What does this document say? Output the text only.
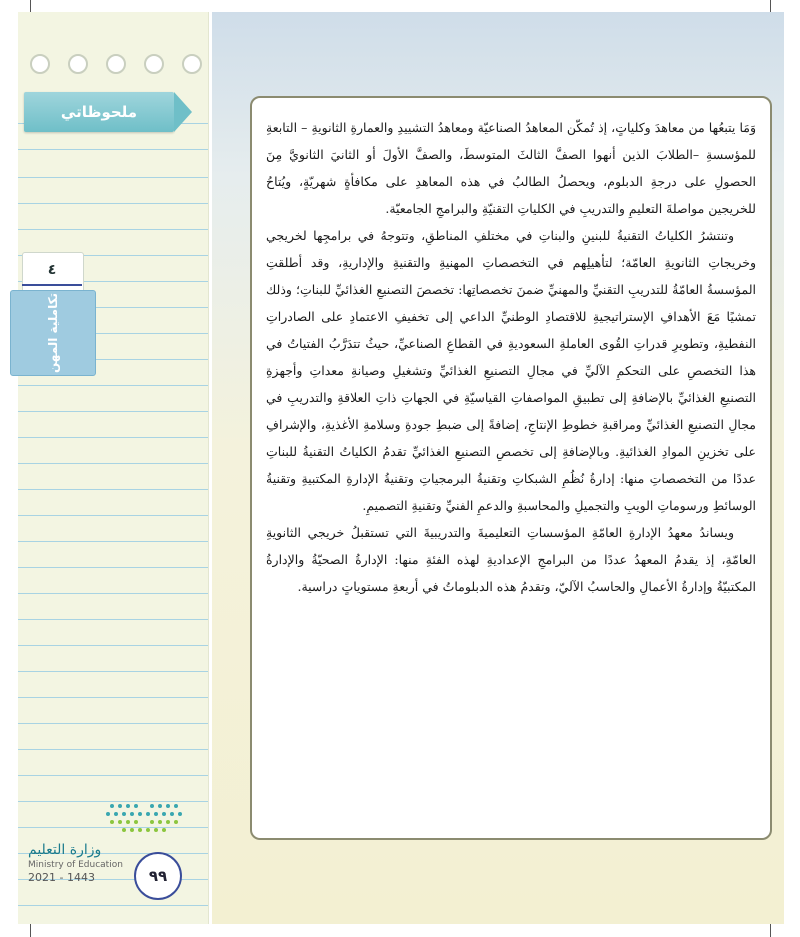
ملحوظاتي
٤
تكاملية المهن
وزارة التعليم
Ministry of Education
2021 - 1443	٩٩

وَمَا يتبعُها من معاهدَ وكلياتٍ، إذ تُمكّن المعاهدُ الصناعيّة ومعاهدُ التشييدِ والعمارةِ الثانويةِ – التابعةِ للمؤسسةِ –الطلابَ الذين أنهوا الصفَّ الثالثَ المتوسطَ، والصفَّ الأولَ أو الثانيَ الثانويَّ مِنَ الحصولِ على درجةِ الدبلوم، ويحصلُ الطالبُ في هذه المعاهدِ على مكافأةٍ شهريّةٍ، ويُتاحُ للخريجين مواصلةَ التعليمِ والتدريبِ في الكلياتِ التقنيّةِ والبرامجِ الجامعيّة.

وتنتشرُ الكلياتُ التقنيةُ للبنينِ والبناتِ في مختلفِ المناطقِ، وتتوجهُ في برامجِها لخريجي وخريجاتِ الثانويةِ العامّة؛ لتأهيلِهم في التخصصاتِ المهنيةِ والتقنيةِ والإداريةِ، وقد أطلقتِ المؤسسةُ العامّةُ للتدريبِ التقنيِّ والمهنيِّ ضمنَ تخصصاتِها: تخصصَ التصنيعِ الغذائيِّ للبناتِ؛ وذلك تمشيًا مَعَ الأهدافِ الإستراتيجيةِ للاقتصادِ الوطنيِّ الداعي إلى تخفيفِ الاعتمادِ على الصادراتِ النفطيةِ، وتطويرِ قدراتِ القُوى العاملةِ السعوديةِ في القطاعِ الصناعيِّ، حيثُ تتدَرَّبُ الفتياتُ في هذا التخصصِ على التحكمِ الآليِّ في مجالِ التصنيعِ الغذائيِّ وتشغيلِ وصيانةِ معداتِ وأجهزةِ التصنيعِ الغذائيِّ بالإضافةِ إلى تطبيقِ المواصفاتِ القياسيّةِ في الجهاتِ ذاتِ العلاقةِ والتدريبِ في مجالِ التصنيعِ الغذائيِّ ومراقبةِ خطوطِ الإنتاجِ، إضافةً إلى ضبطِ جودةِ وسلامةِ الأغذيةِ، والإشرافِ على تخزينِ الموادِ الغذائيةِ. وبالإضافةِ إلى تخصصِ التصنيعِ الغذائيِّ تقدمُ الكلياتُ التقنيةُ للبناتِ عددًا من التخصصاتِ منها: إدارةُ نُظُمِ الشبكاتِ وتقنيةُ البرمجياتِ وتقنيةُ الإدارةِ المكتبيةِ وتقنيةُ الوسائطِ ورسوماتِ الويبِ والتجميلِ والمحاسبةِ والدعمِ الفنيِّ وتقنيةِ التصميمِ.

ويساندُ معهدُ الإدارةِ العامّةِ المؤسساتِ التعليميةَ والتدريبيةَ التي تستقبلُ خريجي الثانويةِ العامّةِ، إذ يقدمُ المعهدُ عددًا من البرامجِ الإعداديةِ لهذه الفئةِ منها: الإدارةُ الصحيّةُ والإدارةُ المكتبيّةُ وإدارةُ الأعمالِ والحاسبُ الآليّ، وتقدمُ هذه الدبلوماتُ في أربعةِ مستوياتٍ دراسية.
